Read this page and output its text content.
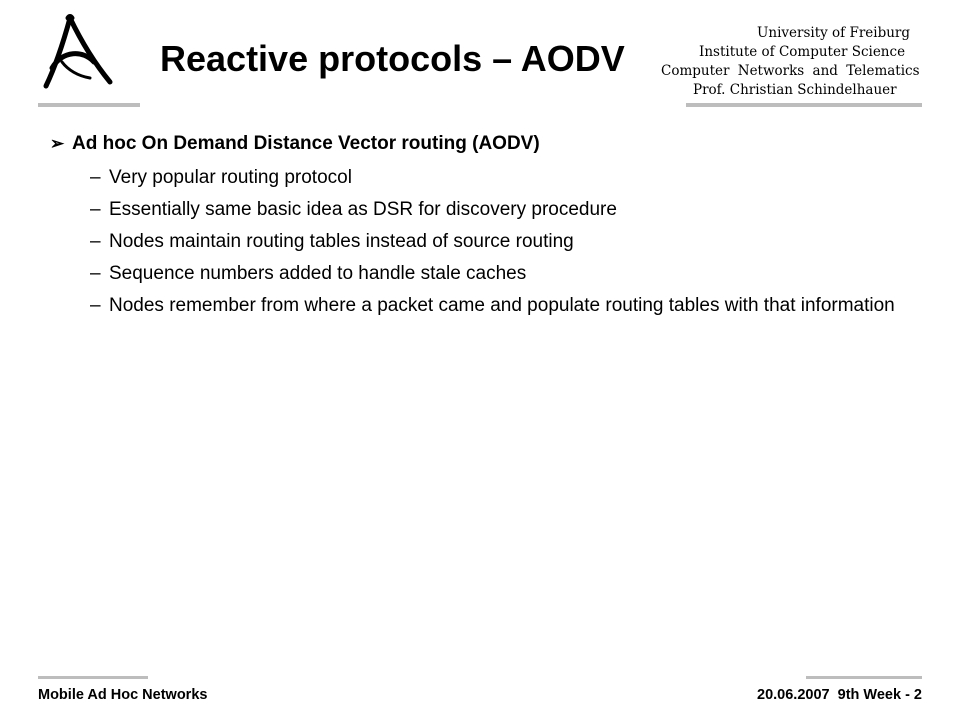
Reactive protocols – AODV
University of Freiburg
Institute of Computer Science
Computer Networks and Telematics
Prof. Christian Schindelhauer
➢ Ad hoc On Demand Distance Vector routing (AODV)
– Very popular routing protocol
– Essentially same basic idea as DSR for discovery procedure
– Nodes maintain routing tables instead of source routing
– Sequence numbers added to handle stale caches
– Nodes remember from where a packet came and populate routing tables with that information
Mobile Ad Hoc Networks	20.06.2007  9th Week - 2
